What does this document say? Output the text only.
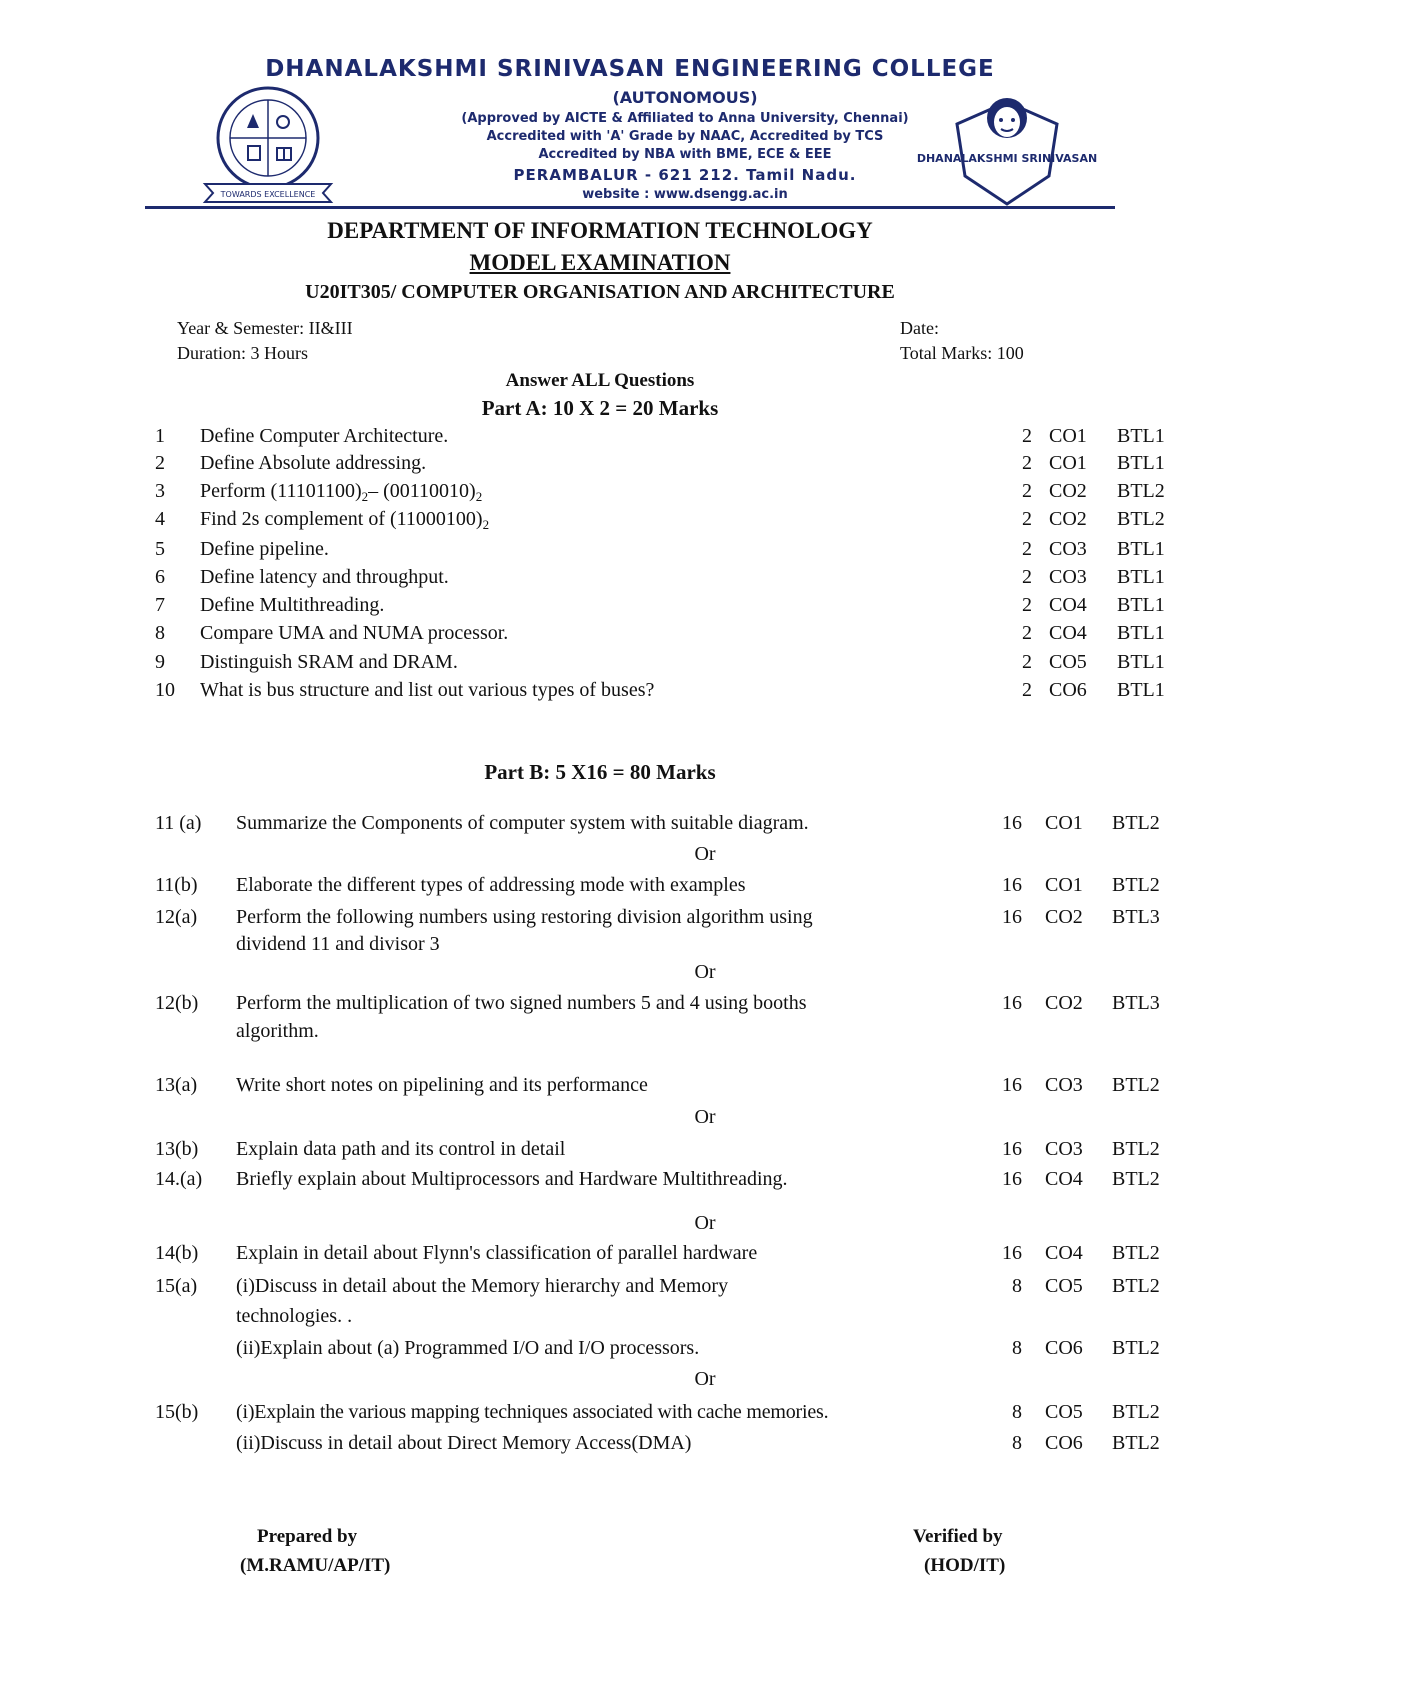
DHANALAKSHMI SRINIVASAN ENGINEERING COLLEGE
TOWARDS EXCELLENCE
(AUTONOMOUS)
(Approved by AICTE & Affiliated to Anna University, Chennai)
Accredited with 'A' Grade by NAAC, Accredited by TCS
Accredited by NBA with BME, ECE & EEE
PERAMBALUR - 621 212. Tamil Nadu.
website : www.dsengg.ac.in
DHANALAKSHMI SRINIVASAN
DEPARTMENT OF INFORMATION TECHNOLOGY
MODEL EXAMINATION
U20IT305/ COMPUTER ORGANISATION AND ARCHITECTURE
Year & Semester: II&III	Date:
Duration: 3 Hours	Total Marks: 100
Answer ALL Questions
Part A: 10 X 2 = 20 Marks
1 Define Computer Architecture.	2 CO1 BTL1
2 Define Absolute addressing.	2 CO1 BTL1
3 Perform $(11101100)_2-$ $(00110010)_2$	2 CO2 BTL2
4 Find 2s complement of $(11000100)_2$	2 CO2 BTL2
5 Define pipeline.	2 CO3 BTL1
6 Define latency and throughput.	2 CO3 BTL1
7 Define Multithreading.	2 CO4 BTL1
8 Compare UMA and NUMA processor.	2 CO4 BTL1
9 Distinguish SRAM and DRAM.	2 CO5 BTL1
10 What is bus structure and list out various types of buses?	2 CO6 BTL1
Part B: 5 X16 = 80 Marks
11 (a) Summarize the Components of computer system with suitable diagram.	16 CO1 BTL2
Or
11(b) Elaborate the different types of addressing mode with examples	16 CO1 BTL2
12(a) Perform the following numbers using restoring division algorithm using	16 CO2 BTL3
dividend 11 and divisor 3
Or
12(b) Perform the multiplication of two signed numbers 5 and 4 using booths	16 CO2 BTL3
algorithm.
13(a) Write short notes on pipelining and its performance	16 CO3 BTL2
Or
13(b) Explain data path and its control in detail	16 CO3 BTL2
14.(a) Briefly explain about Multiprocessors and Hardware Multithreading.	16 CO4 BTL2
Or
14(b) Explain in detail about Flynn's classification of parallel hardware	16 CO4 BTL2
15(a) (i)Discuss in detail about the Memory hierarchy and Memory	8 CO5 BTL2
technologies. .
(ii)Explain about (a) Programmed I/O and I/O processors.	8 CO6 BTL2
Or
15(b) (i)Explain the various mapping techniques associated with cache memories.	8 CO5 BTL2
(ii)Discuss in detail about Direct Memory Access(DMA)	8 CO6 BTL2
Prepared by
(M.RAMU/AP/IT)
Verified by
(HOD/IT)
